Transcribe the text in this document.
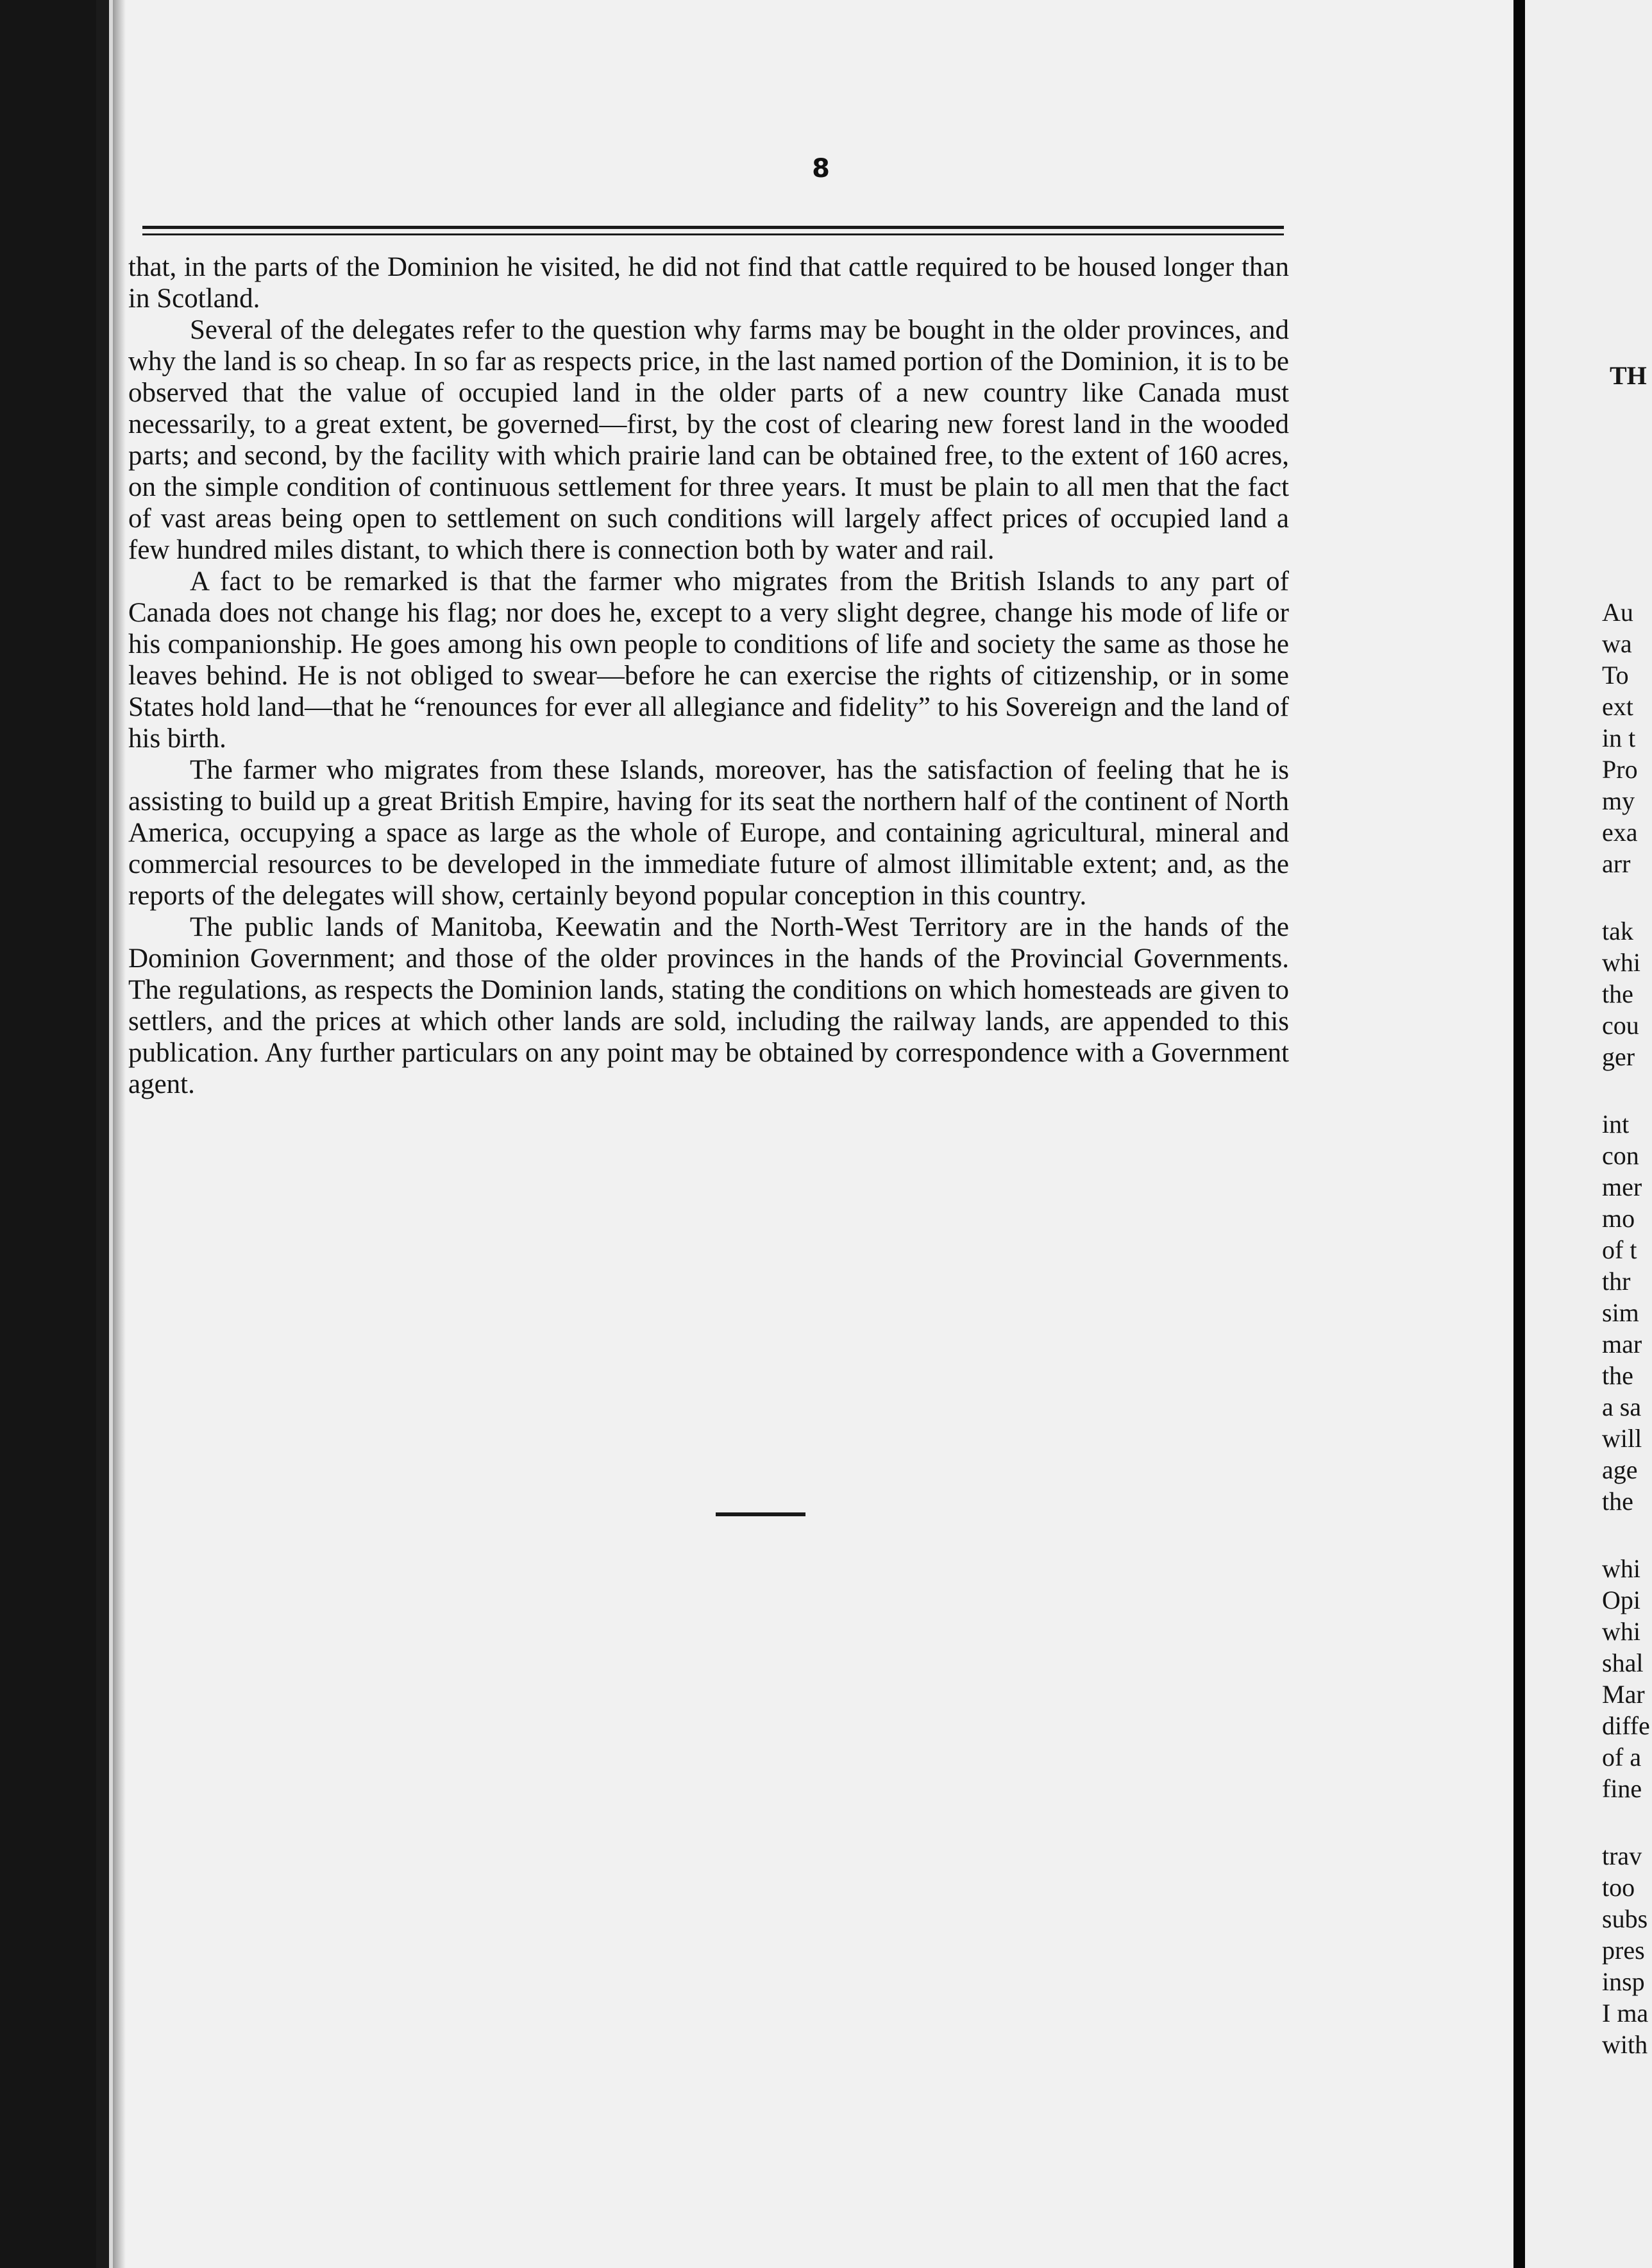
8

that, in the parts of the Dominion he visited, he did not find that cattle required to be housed longer than in Scotland.

Several of the delegates refer to the question why farms may be bought in the older provinces, and why the land is so cheap. In so far as respects price, in the last named portion of the Dominion, it is to be observed that the value of occupied land in the older parts of a new country like Canada must necessarily, to a great extent, be governed—first, by the cost of clearing new forest land in the wooded parts; and second, by the facility with which prairie land can be obtained free, to the extent of 160 acres, on the simple condition of continuous settlement for three years. It must be plain to all men that the fact of vast areas being open to settlement on such conditions will largely affect prices of occupied land a few hundred miles distant, to which there is connection both by water and rail.

A fact to be remarked is that the farmer who migrates from the British Islands to any part of Canada does not change his flag; nor does he, except to a very slight degree, change his mode of life or his companionship. He goes among his own people to conditions of life and society the same as those he leaves behind. He is not obliged to swear—before he can exercise the rights of citizenship, or in some States hold land—that he “renounces for ever all allegiance and fidelity” to his Sovereign and the land of his birth.

The farmer who migrates from these Islands, moreover, has the satisfaction of feeling that he is assisting to build up a great British Empire, having for its seat the northern half of the continent of North America, occupying a space as large as the whole of Europe, and containing agricultural, mineral and commercial resources to be developed in the immediate future of almost illimitable extent; and, as the reports of the delegates will show, certainly beyond popular conception in this country.

The public lands of Manitoba, Keewatin and the North-West Territory are in the hands of the Dominion Government; and those of the older provinces in the hands of the Provincial Governments. The regulations, as respects the Dominion lands, stating the conditions on which homesteads are given to settlers, and the prices at which other lands are sold, including the railway lands, are appended to this publication. Any further particulars on any point may be obtained by correspondence with a Government agent.

TH
Au
wa
To
ext
in t
Pro
my
exa
arr
tak
whi
the
cou
ger
int
con
mer
mo
of t
thr
sim
mar
the
a sa
will
age
the
whi
Opi
whi
shal
Mar
diffe
of a
fine
trav
too
subs
pres
insp
I ma
with
